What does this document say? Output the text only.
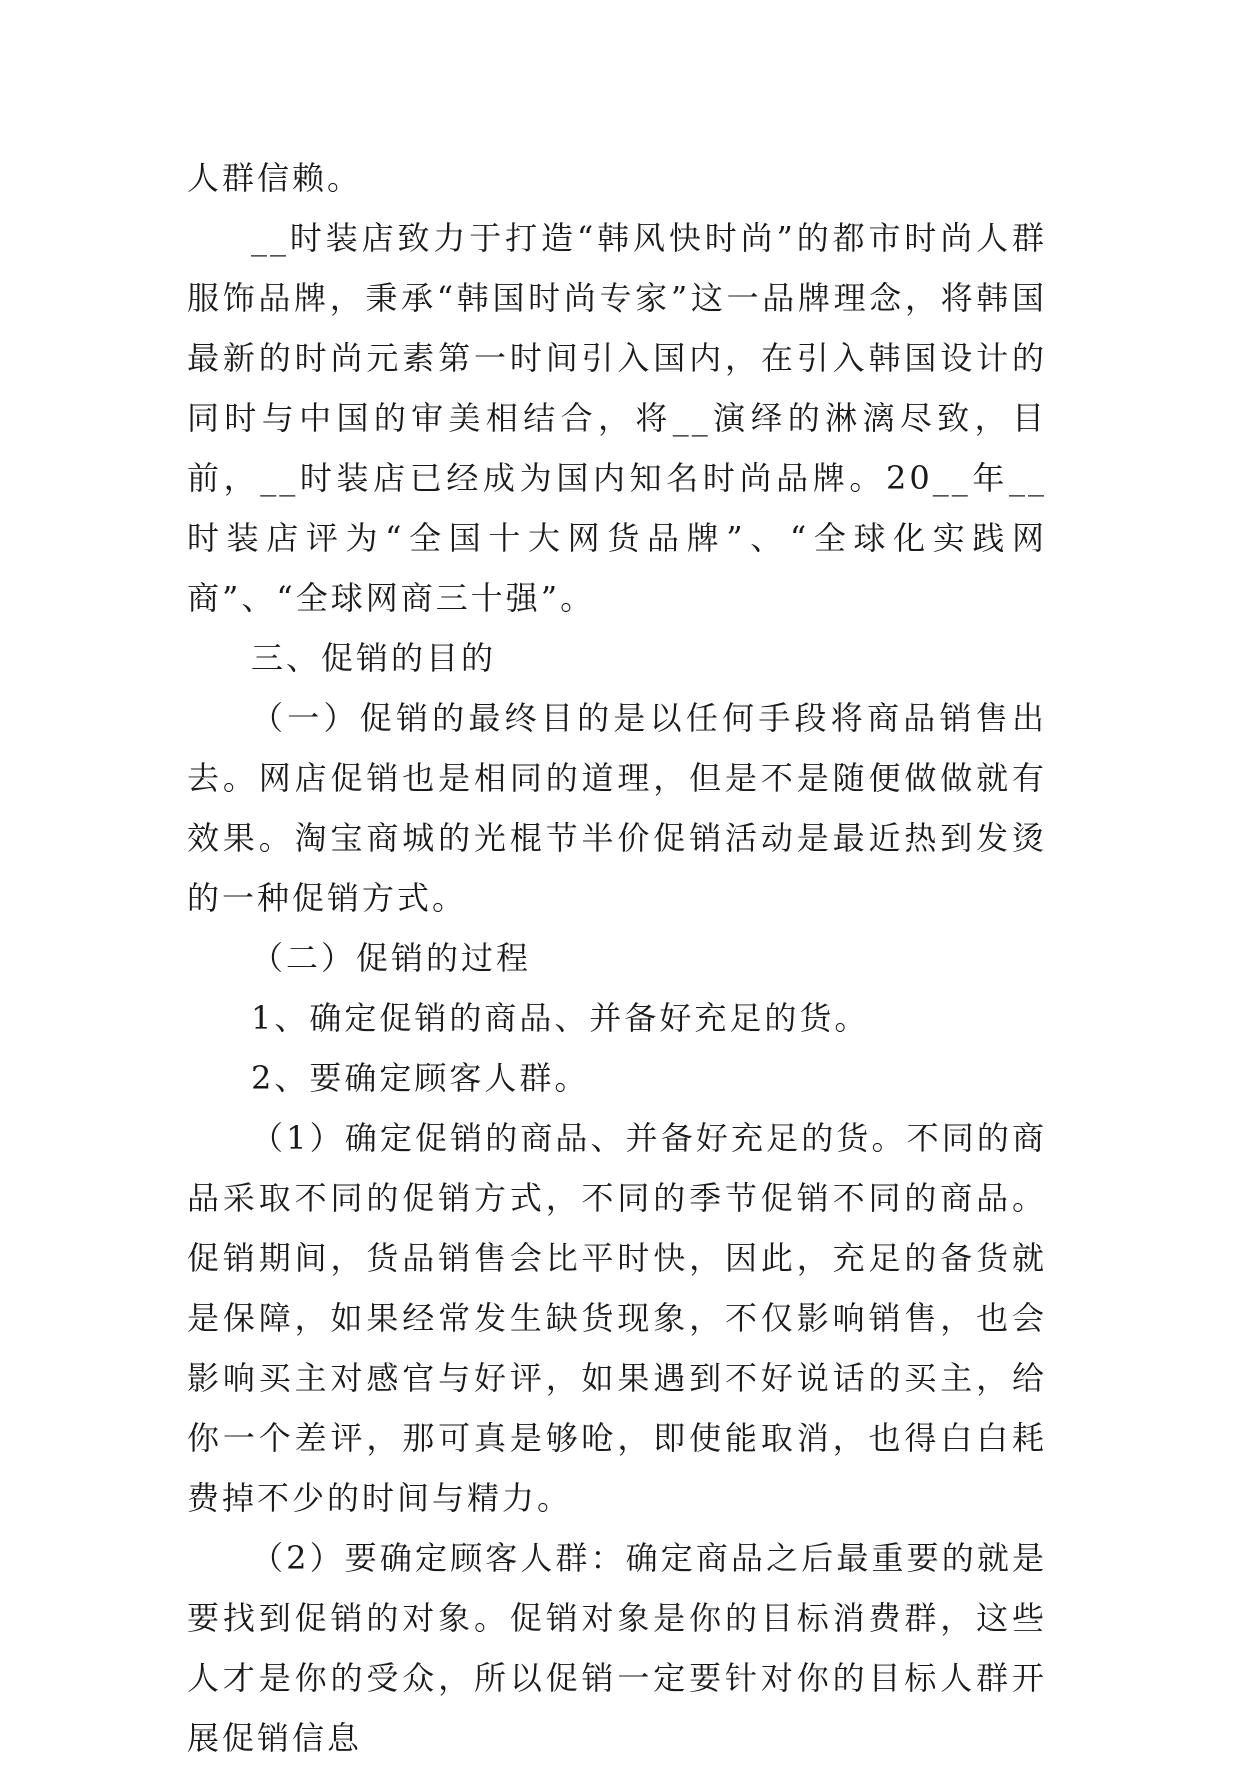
人群信赖。

__时装店致力于打造“韩风快时尚”的都市时尚人群服饰品牌，秉承“韩国时尚专家”这一品牌理念，将韩国最新的时尚元素第一时间引入国内，在引入韩国设计的同时与中国的审美相结合，将__演绎的淋漓尽致，目前，__时装店已经成为国内知名时尚品牌。20__年__时装店评为“全国十大网货品牌”、“全球化实践网商”、“全球网商三十强”。

三、促销的目的

（一）促销的最终目的是以任何手段将商品销售出去。网店促销也是相同的道理，但是不是随便做做就有效果。淘宝商城的光棍节半价促销活动是最近热到发烫的一种促销方式。

（二）促销的过程

1、确定促销的商品、并备好充足的货。

2、要确定顾客人群。

（1）确定促销的商品、并备好充足的货。不同的商品采取不同的促销方式，不同的季节促销不同的商品。促销期间，货品销售会比平时快，因此，充足的备货就是保障，如果经常发生缺货现象，不仅影响销售，也会影响买主对感官与好评，如果遇到不好说话的买主，给你一个差评，那可真是够呛，即使能取消，也得白白耗费掉不少的时间与精力。

（2）要确定顾客人群：确定商品之后最重要的就是要找到促销的对象。促销对象是你的目标消费群，这些人才是你的受众，所以促销一定要针对你的目标人群开展促销信息
